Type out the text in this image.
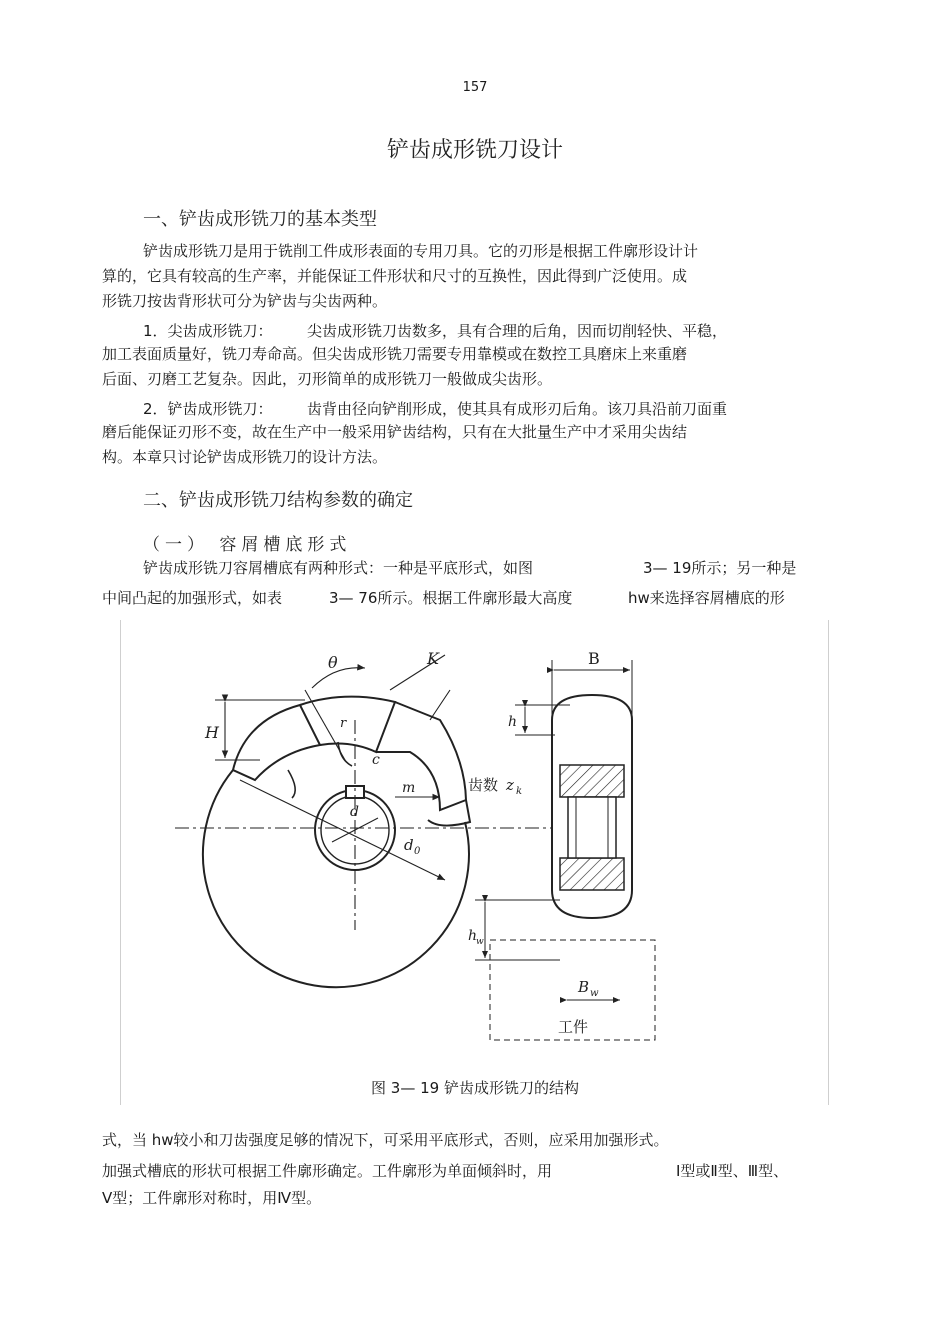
157
铲齿成形铣刀设计
一、铲齿成形铣刀的基本类型
铲齿成形铣刀是用于铣削工件成形表面的专用刀具。它的刃形是根据工件廓形设计计
算的，它具有较高的生产率，并能保证工件形状和尺寸的互换性，因此得到广泛使用。成
形铣刀按齿背形状可分为铲齿与尖齿两种。
1．尖齿成形铣刀： 尖齿成形铣刀齿数多，具有合理的后角，因而切削轻快、平稳，
加工表面质量好，铣刀寿命高。但尖齿成形铣刀需要专用靠模或在数控工具磨床上来重磨
后面、刃磨工艺复杂。因此，刃形简单的成形铣刀一般做成尖齿形。
2．铲齿成形铣刀： 齿背由径向铲削形成，使其具有成形刃后角。该刀具沿前刀面重
磨后能保证刃形不变，故在生产中一般采用铲齿结构，只有在大批量生产中才采用尖齿结
构。本章只讨论铲齿成形铣刀的设计方法。
二、铲齿成形铣刀结构参数的确定
（一） 容屑槽底形式
铲齿成形铣刀容屑槽底有两种形式：一种是平底形式，如图	3— 19所示；另一种是
中间凸起的加强形式，如表	3— 76所示。根据工件廓形最大高度	hw来选择容屑槽底的形
θ	K	B
H	r	h
c
m	齿数 z k
d
d 0
h
w
B w
工件
图 3— 19 铲齿成形铣刀的结构
式，当 hw较小和刀齿强度足够的情况下，可采用平底形式，否则，应采用加强形式。
加强式槽底的形状可根据工件廓形确定。工件廓形为单面倾斜时，用	Ⅰ型或Ⅱ型、Ⅲ型、
Ⅴ型；工件廓形对称时，用Ⅳ型。
